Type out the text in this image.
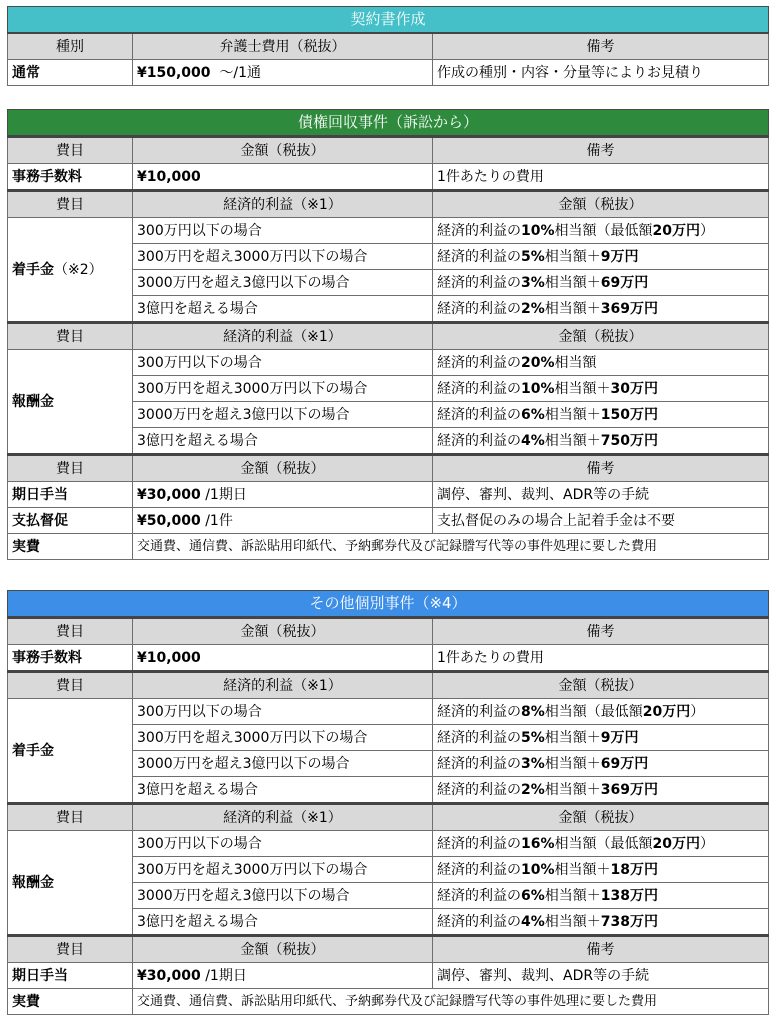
契約書作成		
種別	弁護士費用（税抜）	備考
通常	¥150,000 〜/1通	作成の種別・内容・分量等によりお見積り
債権回収事件（訴訟から）		
費目	金額（税抜）	備考
事務手数料	¥10,000	1件あたりの費用
費目	経済的利益（※1）	金額（税抜）
着手金（※2）	300万円以下の場合	経済的利益の10%相当額（最低額20万円）
	300万円を超え3000万円以下の場合	経済的利益の5%相当額＋9万円
	3000万円を超え3億円以下の場合	経済的利益の3%相当額＋69万円
	3億円を超える場合	経済的利益の2%相当額＋369万円
費目	経済的利益（※1）	金額（税抜）
報酬金	300万円以下の場合	経済的利益の20%相当額
	300万円を超え3000万円以下の場合	経済的利益の10%相当額＋30万円
	3000万円を超え3億円以下の場合	経済的利益の6%相当額＋150万円
	3億円を超える場合	経済的利益の4%相当額＋750万円
費目	金額（税抜）	備考
期日手当	¥30,000 /1期日	調停、審判、裁判、ADR等の手続
支払督促	¥50,000 /1件	支払督促のみの場合上記着手金は不要
実費	交通費、通信費、訴訟貼用印紙代、予納郵券代及び記録謄写代等の事件処理に要した費用	
その他個別事件（※4）		
費目	金額（税抜）	備考
事務手数料	¥10,000	1件あたりの費用
費目	経済的利益（※1）	金額（税抜）
着手金	300万円以下の場合	経済的利益の8%相当額（最低額20万円）
	300万円を超え3000万円以下の場合	経済的利益の5%相当額＋9万円
	3000万円を超え3億円以下の場合	経済的利益の3%相当額＋69万円
	3億円を超える場合	経済的利益の2%相当額＋369万円
費目	経済的利益（※1）	金額（税抜）
報酬金	300万円以下の場合	経済的利益の16%相当額（最低額20万円）
	300万円を超え3000万円以下の場合	経済的利益の10%相当額＋18万円
	3000万円を超え3億円以下の場合	経済的利益の6%相当額＋138万円
	3億円を超える場合	経済的利益の4%相当額＋738万円
費目	金額（税抜）	備考
期日手当	¥30,000 /1期日	調停、審判、裁判、ADR等の手続
実費	交通費、通信費、訴訟貼用印紙代、予納郵券代及び記録謄写代等の事件処理に要した費用	
